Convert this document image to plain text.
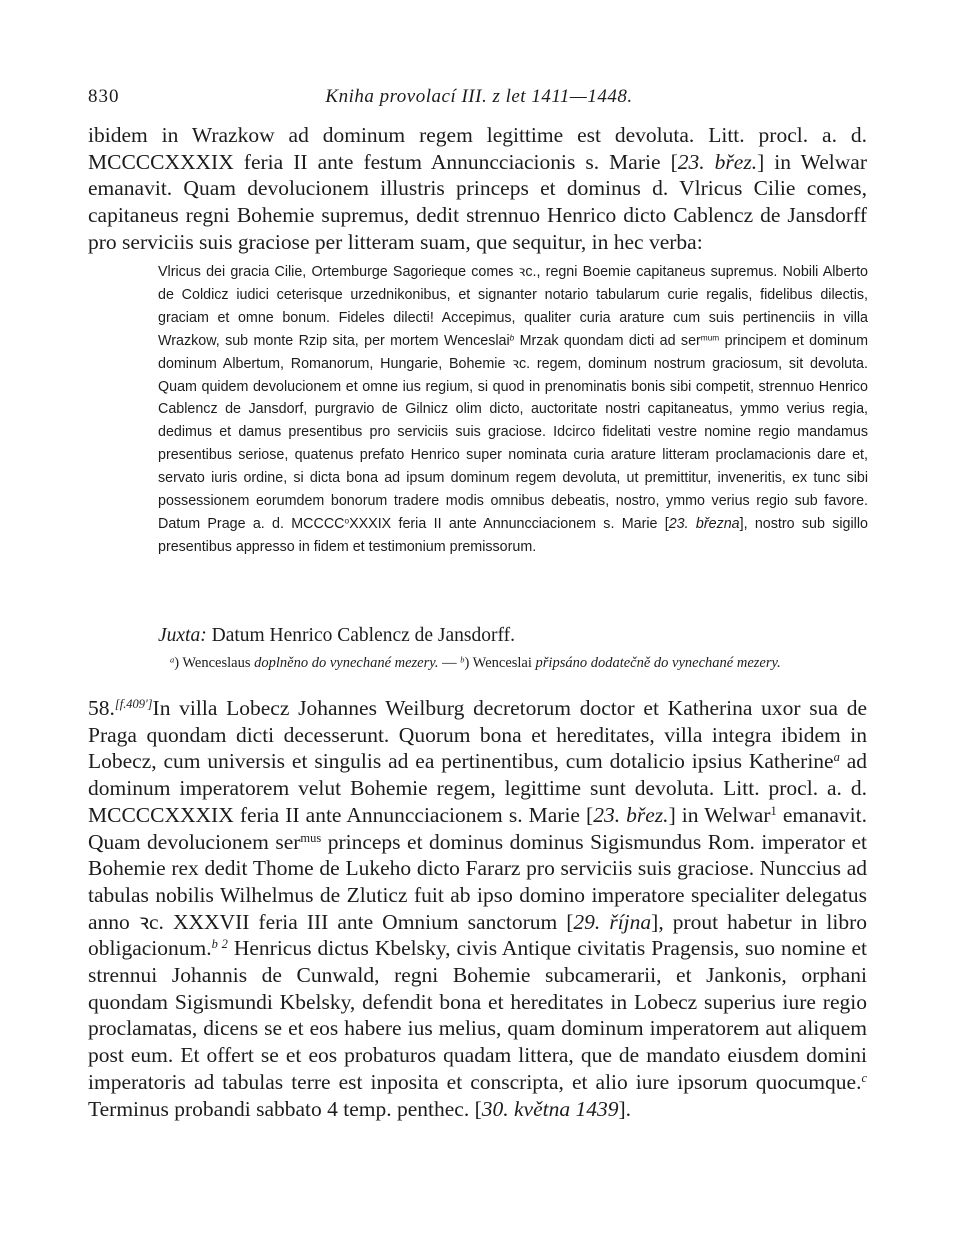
830	Kniha provolací III. z let 1411—1448.

ibidem in Wrazkow ad dominum regem legittime est devoluta. Litt. procl. a. d. MCCCCXXXIX feria II ante festum Annuncciacionis s. Marie [23. břez.] in Welwar emanavit. Quam devolucionem illustris princeps et dominus d. Vlricus Cilie comes, capitaneus regni Bohemie supremus, dedit strennuo Henrico dicto Cablencz de Jansdorff pro serviciis suis graciose per litteram suam, que sequitur, in hec verba:

Vlricus dei gracia Cilie, Ortemburge Sagorieque comes ꝛc., regni Boemie capitaneus supremus. Nobili Alberto de Coldicz iudici ceterisque urzednikonibus, et signanter notario tabularum curie regalis, fidelibus dilectis, graciam et omne bonum. Fideles dilecti! Accepimus, qualiter curia arature cum suis pertinenciis in villa Wrazkow, sub monte Rzip sita, per mortem Wenceslai$^b$ Mrzak quondam dicti ad ser$^{mum}$ principem et dominum dominum Albertum, Romanorum, Hungarie, Bohemie ꝛc. regem, dominum nostrum graciosum, sit devoluta. Quam quidem devolucionem et omne ius regium, si quod in prenominatis bonis sibi competit, strennuo Henrico Cablencz de Jansdorf, purgravio de Gilnicz olim dicto, auctoritate nostri capitaneatus, ymmo verius regia, dedimus et damus presentibus pro serviciis suis graciose. Idcirco fidelitati vestre nomine regio mandamus presentibus seriose, quatenus prefato Henrico super nominata curia arature litteram proclamacionis dare et, servato iuris ordine, si dicta bona ad ipsum dominum regem devoluta, ut premittitur, inveneritis, ex tunc sibi possessionem eorumdem bonorum tradere modis omnibus debeatis, nostro, ymmo verius regio sub favore. Datum Prage a. d. MCCCC$^o$XXXIX feria II ante Annuncciacionem s. Marie [23. března], nostro sub sigillo presentibus appresso in fidem et testimonium premissorum.

Juxta: Datum Henrico Cablencz de Jansdorff.

$^a$) Wenceslaus doplněno do vynechané mezery. — $^b$) Wenceslai připsáno dodatečně do vynechané mezery.

58.[f.409']In villa Lobecz Johannes Weilburg decretorum doctor et Katherina uxor sua de Praga quondam dicti decesserunt. Quorum bona et hereditates, villa integra ibidem in Lobecz, cum universis et singulis ad ea pertinentibus, cum dotalicio ipsius Katherine$^a$ ad dominum imperatorem velut Bohemie regem, legittime sunt devoluta. Litt. procl. a. d. MCCCCXXXIX feria II ante Annuncciacionem s. Marie [23. břez.] in Welwar$^1$ emanavit. Quam devolucionem ser$^{mus}$ princeps et dominus dominus Sigismundus Rom. imperator et Bohemie rex dedit Thome de Lukeho dicto Fararz pro serviciis suis graciose. Nunccius ad tabulas nobilis Wilhelmus de Zluticz fuit ab ipso domino imperatore specialiter delegatus anno ꝛc. XXXVII feria III ante Omnium sanctorum [29. října], prout habetur in libro obligacionum.$^{b 2}$ Henricus dictus Kbelsky, civis Antique civitatis Pragensis, suo nomine et strennui Johannis de Cunwald, regni Bohemie subcamerarii, et Jankonis, orphani quondam Sigismundi Kbelsky, defendit bona et hereditates in Lobecz superius iure regio proclamatas, dicens se et eos habere ius melius, quam dominum imperatorem aut aliquem post eum. Et offert se et eos probaturos quadam littera, que de mandato eiusdem domini imperatoris ad tabulas terre est inposita et conscripta, et alio iure ipsorum quocumque.$^c$ Terminus probandi sabbato 4 temp. penthec. [30. května 1439].
